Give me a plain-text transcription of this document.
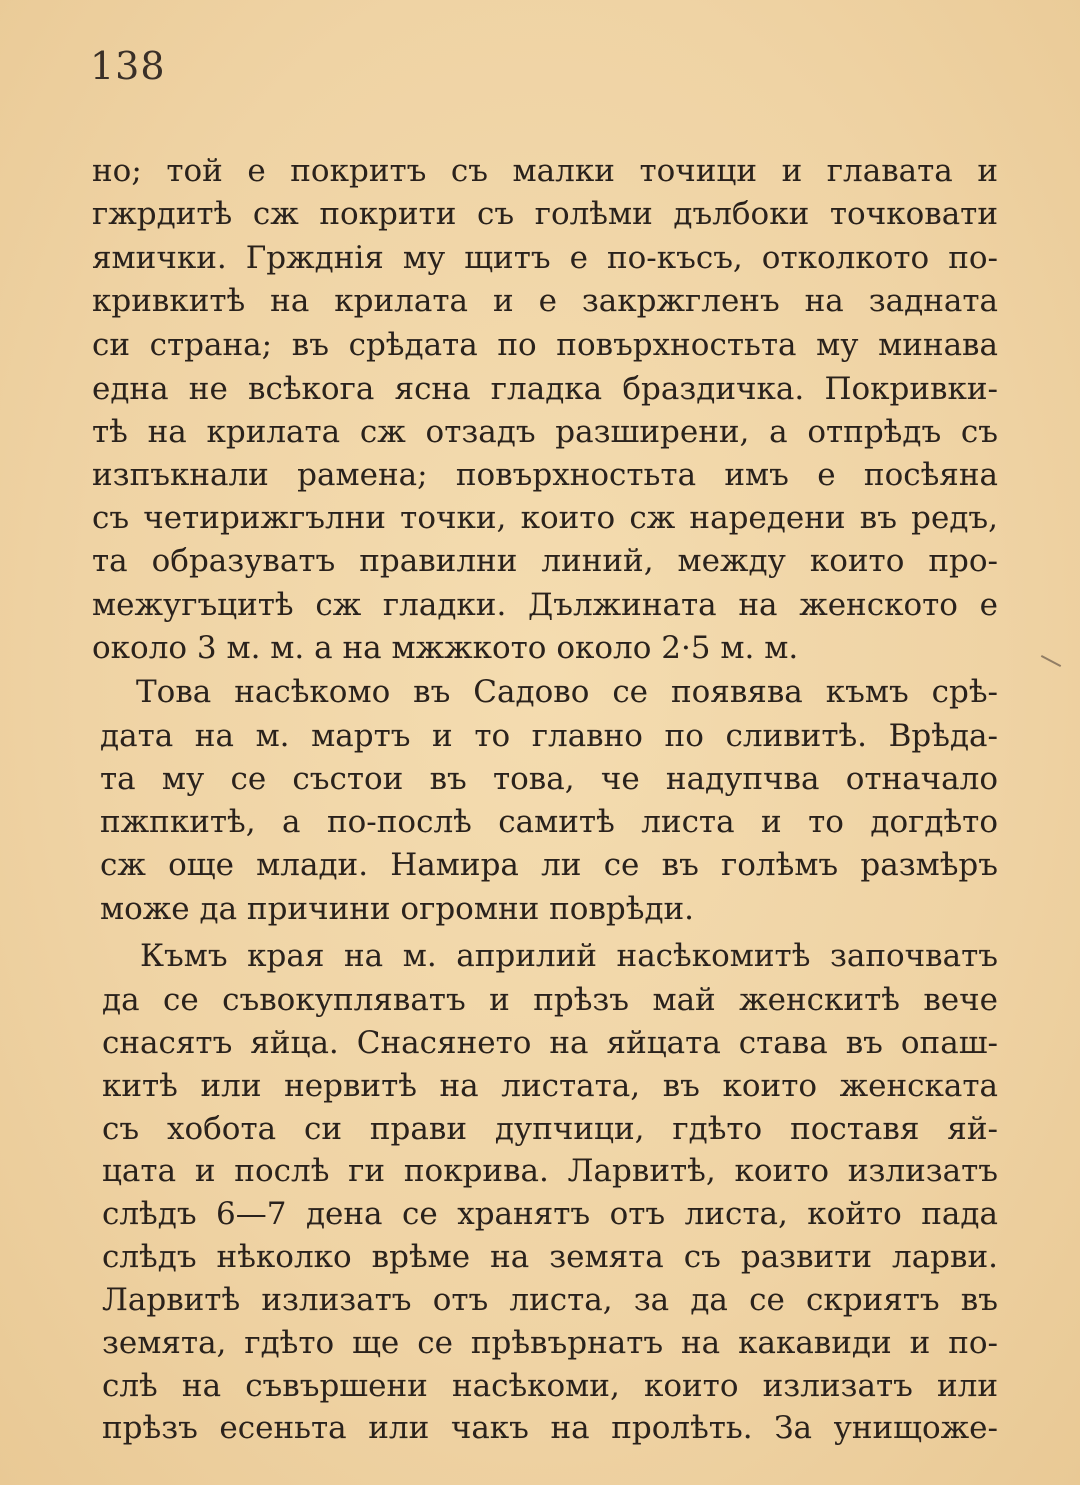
138
но; той е покритъ съ малки точици и главата и
гжрдитѣ сж покрити съ голѣми дълбоки точковати
ямички. Гржднія му щитъ е по-късъ, отколкото по-
кривкитѣ на крилата и е закржгленъ на задната
си страна; въ срѣдата по повърхностьта му минава
една не всѣкога ясна гладка браздичка. Покривки-
тѣ на крилата сж отзадъ разширени, а отпрѣдъ съ
изпъкнали рамена; повърхностьта имъ е посѣяна
съ четирижгълни точки, които сж наредени въ редъ,
та образуватъ правилни линий, между които про-
межугъцитѣ сж гладки. Дължината на женското е
около 3 м. м. а на мжжкото около 2·5 м. м.
Това насѣкомо въ Садово се появява къмъ срѣ-
дата на м. мартъ и то главно по сливитѣ. Врѣда-
та му се състои въ това, че надупчва отначало
пжпкитѣ, а по-послѣ самитѣ листа и то догдѣто
сж още млади. Намира ли се въ голѣмъ размѣръ
може да причини огромни поврѣди.
Къмъ края на м. априлий насѣкомитѣ започватъ
да се съвокупляватъ и прѣзъ май женскитѣ вече
снасятъ яйца. Снасянето на яйцата става въ опаш-
китѣ или нервитѣ на листата, въ които женската
съ хобота си прави дупчици, гдѣто поставя яй-
цата и послѣ ги покрива. Ларвитѣ, които излизатъ
слѣдъ 6—7 дена се хранятъ отъ листа, който пада
слѣдъ нѣколко врѣме на земята съ развити ларви.
Ларвитѣ излизатъ отъ листа, за да се скриятъ въ
земята, гдѣто ще се прѣвърнатъ на какавиди и по-
слѣ на съвършени насѣкоми, които излизатъ или
прѣзъ есеньта или чакъ на пролѣть. За унищоже-
